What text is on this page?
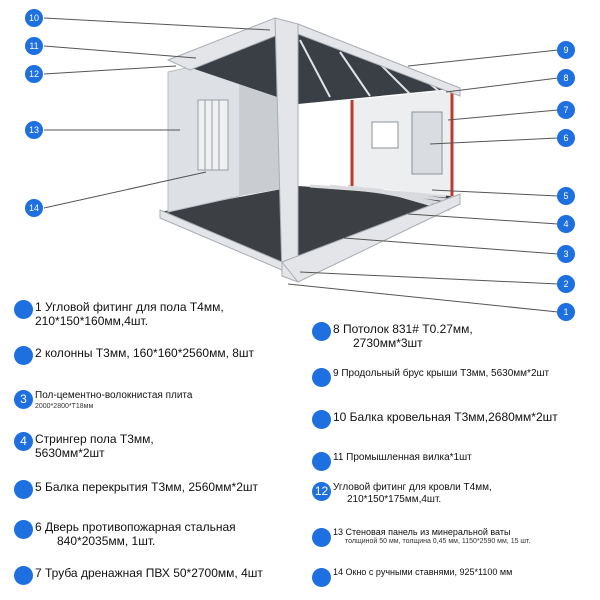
10
11
12
13
14
9
8
7
6
5
4
3
2
1
1 Угловой фитинг для пола Т4мм,
210*150*160мм,4шт.
2 колонны Т3мм, 160*160*2560мм, 8шт
3 Пол-цементно-волокнистая плита
2000*2800*Т18мм
4 Стрингер пола Т3мм,
5630мм*2шт
5 Балка перекрытия Т3мм, 2560мм*2шт
6 Дверь противопожарная стальная
840*2035мм, 1шт.
7 Труба дренажная ПВХ 50*2700мм, 4шт
8 Потолок 831# Т0.27мм,
2730мм*3шт
9 Продольный брус крыши Т3мм, 5630мм*2шт
10 Балка кровельная Т3мм,2680мм*2шт
11 Промышленная вилка*1шт
12 Угловой фитинг для кровли Т4мм,
210*150*175мм,4шт.
13 Стеновая панель из минеральной ваты
толщиной 50 мм, толщина 0,45 мм, 1150*2590 мм, 15 шт.
14 Окно с ручными ставнями, 925*1100 мм
